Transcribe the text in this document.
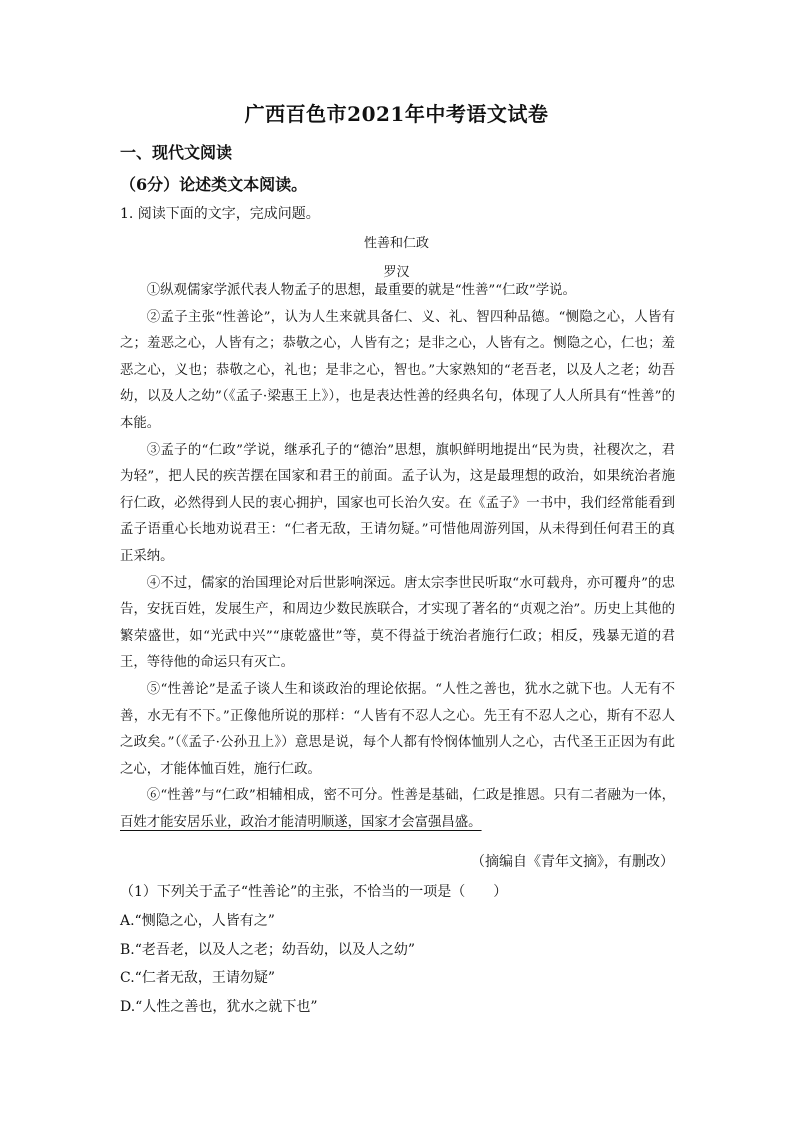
广西百色市2021年中考语文试卷
一、现代文阅读
（6分）论述类文本阅读。
1. 阅读下面的文字，完成问题。
性善和仁政
罗汉

①纵观儒家学派代表人物孟子的思想，最重要的就是“性善”“仁政”学说。

②孟子主张“性善论”，认为人生来就具备仁、义、礼、智四种品德。“恻隐之心，人皆有之；羞恶之心，人皆有之；恭敬之心，人皆有之；是非之心，人皆有之。恻隐之心，仁也；羞恶之心，义也；恭敬之心，礼也；是非之心，智也。”大家熟知的“老吾老，以及人之老；幼吾幼，以及人之幼”（《孟子·梁惠王上》），也是表达性善的经典名句，体现了人人所具有“性善”的本能。

③孟子的“仁政”学说，继承孔子的“德治”思想，旗帜鲜明地提出“民为贵，社稷次之，君为轻”，把人民的疾苦摆在国家和君王的前面。孟子认为，这是最理想的政治，如果统治者施行仁政，必然得到人民的衷心拥护，国家也可长治久安。在《孟子》一书中，我们经常能看到孟子语重心长地劝说君王：“仁者无敌，王请勿疑。”可惜他周游列国，从未得到任何君王的真正采纳。

④不过，儒家的治国理论对后世影响深远。唐太宗李世民听取“水可载舟，亦可覆舟”的忠告，安抚百姓，发展生产，和周边少数民族联合，才实现了著名的“贞观之治”。历史上其他的繁荣盛世，如“光武中兴”“康乾盛世”等，莫不得益于统治者施行仁政；相反，残暴无道的君王，等待他的命运只有灭亡。

⑤“性善论”是孟子谈人生和谈政治的理论依据。“人性之善也，犹水之就下也。人无有不善，水无有不下。”正像他所说的那样：“人皆有不忍人之心。先王有不忍人之心，斯有不忍人之政矣。”（《孟子·公孙丑上》）意思是说，每个人都有怜悯体恤别人之心，古代圣王正因为有此之心，才能体恤百姓，施行仁政。

⑥“性善”与“仁政”相辅相成，密不可分。性善是基础，仁政是推恩。只有二者融为一体，百姓才能安居乐业，政治才能清明顺遂，国家才会富强昌盛。

（摘编自《青年文摘》，有删改）
（1）下列关于孟子“性善论”的主张，不恰当的一项是（　　）
A.“恻隐之心，人皆有之”
B.“老吾老，以及人之老；幼吾幼，以及人之幼”
C.“仁者无敌，王请勿疑”
D.“人性之善也，犹水之就下也”
